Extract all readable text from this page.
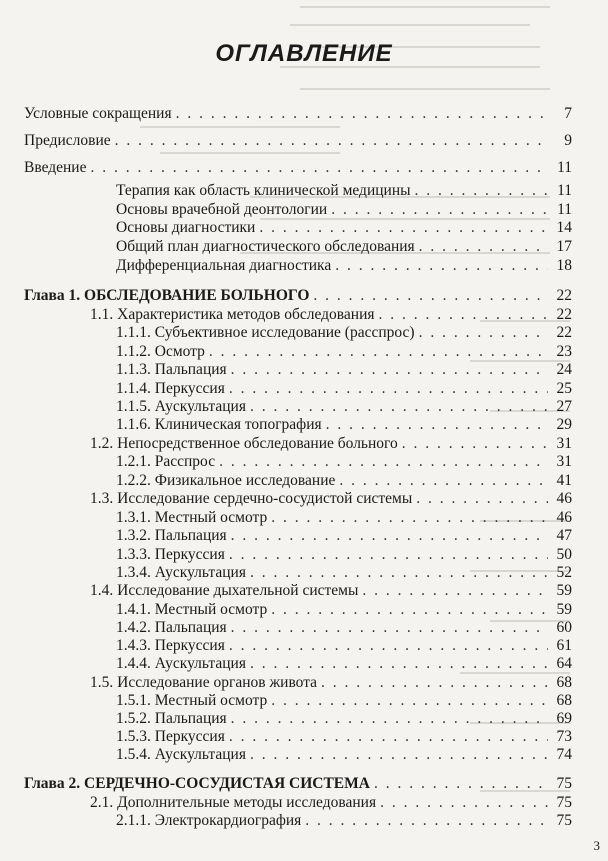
ОГЛАВЛЕНИЕ
Условные сокращения . . .	7
Предисловие . . .	9
Введение . . .	11
Терапия как область клинической медицины . . .	11
Основы врачебной деонтологии . . .	11
Основы диагностики . . .	14
Общий план диагностического обследования . . .	17
Дифференциальная диагностика . . .	18
Глава 1. ОБСЛЕДОВАНИЕ БОЛЬНОГО . . .	22
1.1. Характеристика методов обследования . . .	22
1.1.1. Субъективное исследование (расспрос) . . .	22
1.1.2. Осмотр . . .	23
1.1.3. Пальпация . . .	24
1.1.4. Перкуссия . . .	25
1.1.5. Аускультация . . .	27
1.1.6. Клиническая топография . . .	29
1.2. Непосредственное обследование больного . . .	31
1.2.1. Расспрос . . .	31
1.2.2. Физикальное исследование . . .	41
1.3. Исследование сердечно-сосудистой системы . . .	46
1.3.1. Местный осмотр . . .	46
1.3.2. Пальпация . . .	47
1.3.3. Перкуссия . . .	50
1.3.4. Аускультация . . .	52
1.4. Исследование дыхательной системы . . .	59
1.4.1. Местный осмотр . . .	59
1.4.2. Пальпация . . .	60
1.4.3. Перкуссия . . .	61
1.4.4. Аускультация . . .	64
1.5. Исследование органов живота . . .	68
1.5.1. Местный осмотр . . .	68
1.5.2. Пальпация . . .	69
1.5.3. Перкуссия . . .	73
1.5.4. Аускультация . . .	74
Глава 2. СЕРДЕЧНО-СОСУДИСТАЯ СИСТЕМА . . .	75
2.1. Дополнительные методы исследования . . .	75
2.1.1. Электрокардиография . . .	75
3
